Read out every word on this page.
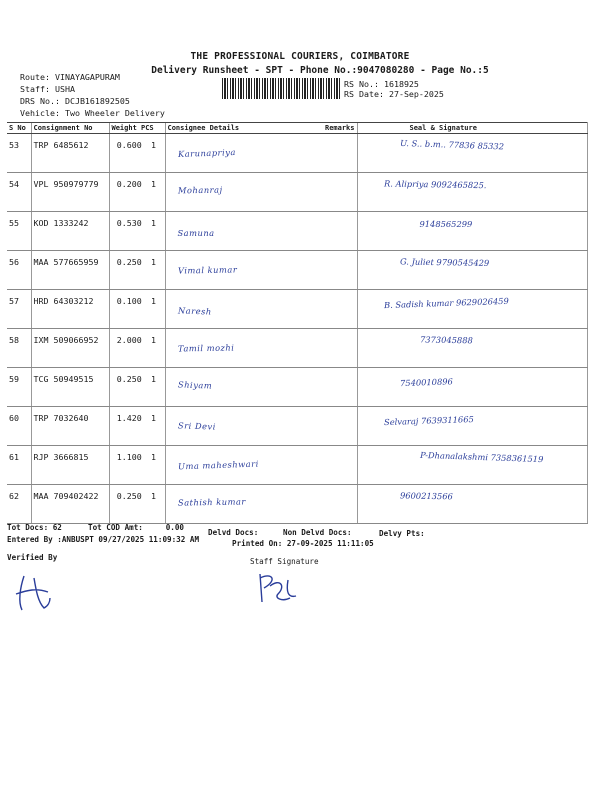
THE PROFESSIONAL COURIERS, COIMBATORE
Delivery Runsheet - SPT - Phone No.:9047080280 - Page No.:5
Route: VINAYAGAPURAM
Staff: USHA
DRS No.: DCJB161892505
Vehicle: Two Wheeler Delivery
RS No.: 1618925
RS Date: 27-Sep-2025
S No	Consignment No	Weight PCS		Consignee Details	Remarks	Seal & Signature
53	TRP 6485612	0.600	1	Karunapriya		U. S.. b.m.. 77836 85332
54	VPL 950979779	0.200	1	Mohanraj		R. Alipriya 9092465825.
55	KOD 1333242	0.530	1	Samuna		9148565299
56	MAA 577665959	0.250	1	Vimal kumar		G. Juliet 9790545429
57	HRD 64303212	0.100	1	Naresh		B. Sadish kumar 9629026459
58	IXM 509066952	2.000	1	Tamil mozhi		7373045888
59	TCG 50949515	0.250	1	Shiyam		7540010896
60	TRP 7032640	1.420	1	Sri Devi		Selvaraj 7639311665
61	RJP 3666815	1.100	1	Uma maheshwari		P-Dhanalakshmi 7358361519
62	MAA 709402422	0.250	1	Sathish kumar		9600213566
Tot Docs: 62	Tot COD Amt:     0.00
Delvd Docs:	Non Delvd Docs:	Delvy Pts:
Entered By :ANBUSPT 09/27/2025 11:09:32 AM	Printed On: 27-09-2025 11:11:05
Verified By	Staff Signature
